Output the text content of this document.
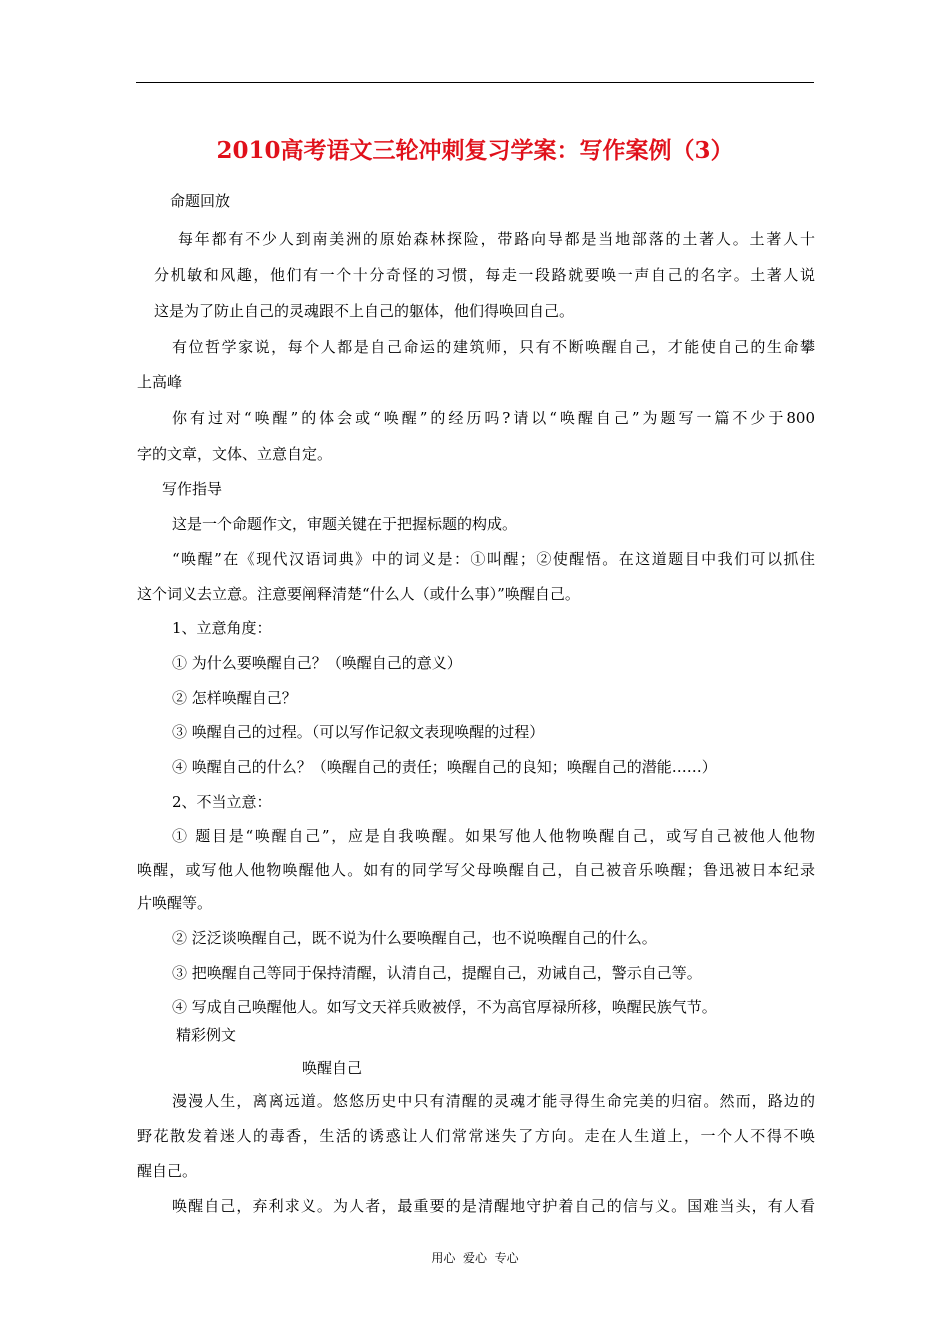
2010高考语文三轮冲刺复习学案：写作案例（3）
命题回放
每年都有不少人到南美洲的原始森林探险，带路向导都是当地部落的土著人。土著人十
分机敏和风趣，他们有一个十分奇怪的习惯，每走一段路就要唤一声自己的名字。土著人说
这是为了防止自己的灵魂跟不上自己的躯体，他们得唤回自己。
有位哲学家说，每个人都是自己命运的建筑师，只有不断唤醒自己，才能使自己的生命攀
上高峰
你有过对“唤醒”的体会或“唤醒”的经历吗?请以“唤醒自己”为题写一篇不少于800
字的文章，文体、立意自定。
写作指导
这是一个命题作文，审题关键在于把握标题的构成。
“唤醒”在《现代汉语词典》中的词义是：①叫醒；②使醒悟。在这道题目中我们可以抓住
这个词义去立意。注意要阐释清楚“什么人（或什么事）”唤醒自己。
1、立意角度：
① 为什么要唤醒自己？（唤醒自己的意义）
② 怎样唤醒自己？
③ 唤醒自己的过程。（可以写作记叙文表现唤醒的过程）
④ 唤醒自己的什么？（唤醒自己的责任；唤醒自己的良知；唤醒自己的潜能……）
2、不当立意：
① 题目是“唤醒自己”，应是自我唤醒。如果写他人他物唤醒自己，或写自己被他人他物
唤醒，或写他人他物唤醒他人。如有的同学写父母唤醒自己，自己被音乐唤醒；鲁迅被日本纪录
片唤醒等。
② 泛泛谈唤醒自己，既不说为什么要唤醒自己，也不说唤醒自己的什么。
③ 把唤醒自己等同于保持清醒，认清自己，提醒自己，劝诫自己，警示自己等。
④ 写成自己唤醒他人。如写文天祥兵败被俘，不为高官厚禄所移，唤醒民族气节。
精彩例文
唤醒自己
漫漫人生，离离远道。悠悠历史中只有清醒的灵魂才能寻得生命完美的归宿。然而，路边的
野花散发着迷人的毒香，生活的诱惑让人们常常迷失了方向。走在人生道上，一个人不得不唤
醒自己。
唤醒自己，弃利求义。为人者，最重要的是清醒地守护着自己的信与义。国难当头，有人看
用心  爱心  专心
